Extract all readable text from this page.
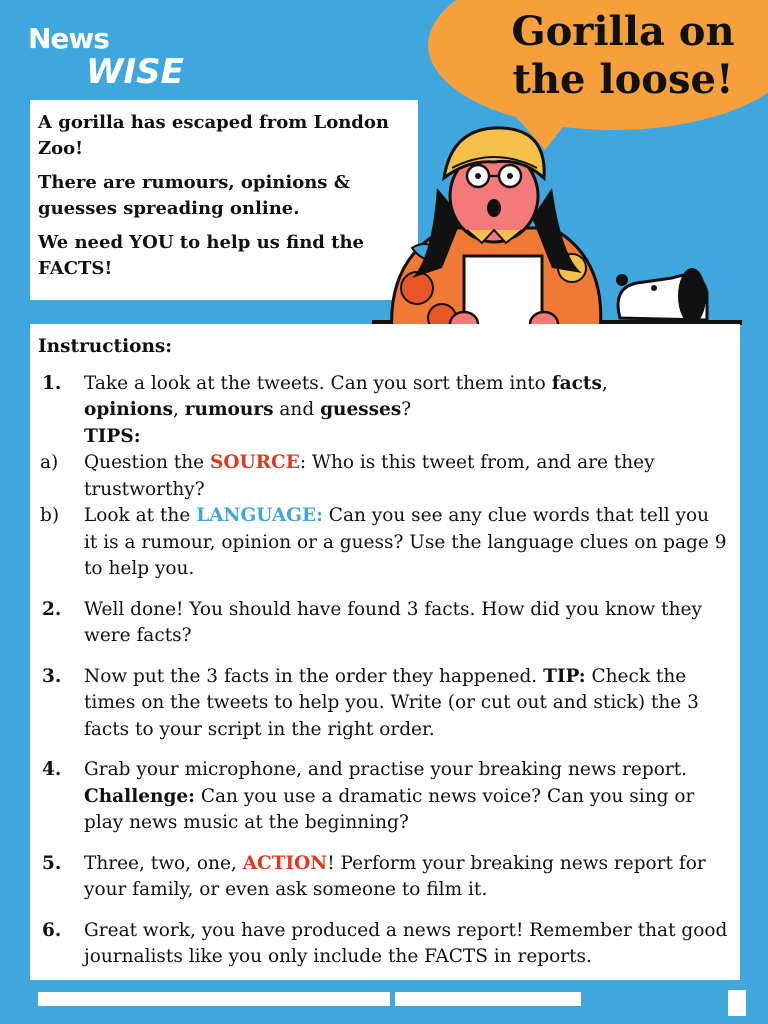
News
WISE
Gorilla on
the loose!

A gorilla has escaped from London Zoo!

There are rumours, opinions & guesses spreading online.

We need YOU to help us find the FACTS!

Instructions:
1. Take a look at the tweets. Can you sort them into facts,
opinions, rumours and guesses?
TIPS:
a) Question the SOURCE: Who is this tweet from, and are they trustworthy?
b) Look at the LANGUAGE: Can you see any clue words that tell you it is a rumour, opinion or a guess? Use the language clues on page 9 to help you.
2. Well done! You should have found 3 facts. How did you know they were facts?
3. Now put the 3 facts in the order they happened. TIP: Check the times on the tweets to help you. Write (or cut out and stick) the 3 facts to your script in the right order.
4. Grab your microphone, and practise your breaking news report. Challenge: Can you use a dramatic news voice? Can you sing or play news music at the beginning?
5. Three, two, one, ACTION! Perform your breaking news report for your family, or even ask someone to film it.
6. Great work, you have produced a news report! Remember that good journalists like you only include the FACTS in reports.
